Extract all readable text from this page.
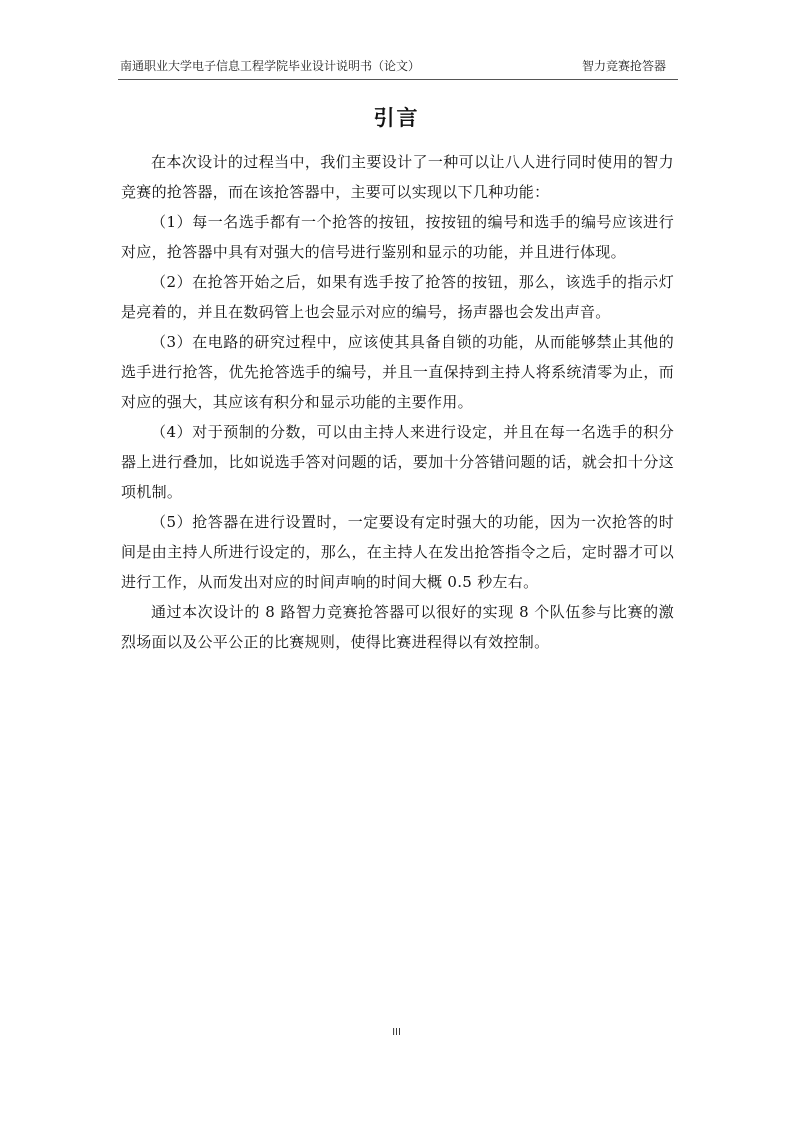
南通职业大学电子信息工程学院毕业设计说明书（论文）	智力竞赛抢答器
引言

在本次设计的过程当中，我们主要设计了一种可以让八人进行同时使用的智力竞赛的抢答器，而在该抢答器中，主要可以实现以下几种功能：

（1）每一名选手都有一个抢答的按钮，按按钮的编号和选手的编号应该进行对应，抢答器中具有对强大的信号进行鉴别和显示的功能，并且进行体现。

（2）在抢答开始之后，如果有选手按了抢答的按钮，那么，该选手的指示灯是亮着的，并且在数码管上也会显示对应的编号，扬声器也会发出声音。

（3）在电路的研究过程中，应该使其具备自锁的功能，从而能够禁止其他的选手进行抢答，优先抢答选手的编号，并且一直保持到主持人将系统清零为止，而对应的强大，其应该有积分和显示功能的主要作用。

（4）对于预制的分数，可以由主持人来进行设定，并且在每一名选手的积分器上进行叠加，比如说选手答对问题的话，要加十分答错问题的话，就会扣十分这项机制。

（5）抢答器在进行设置时，一定要设有定时强大的功能，因为一次抢答的时间是由主持人所进行设定的，那么，在主持人在发出抢答指令之后，定时器才可以进行工作，从而发出对应的时间声响的时间大概 0.5 秒左右。

通过本次设计的 8 路智力竞赛抢答器可以很好的实现 8 个队伍参与比赛的激烈场面以及公平公正的比赛规则，使得比赛进程得以有效控制。

III
